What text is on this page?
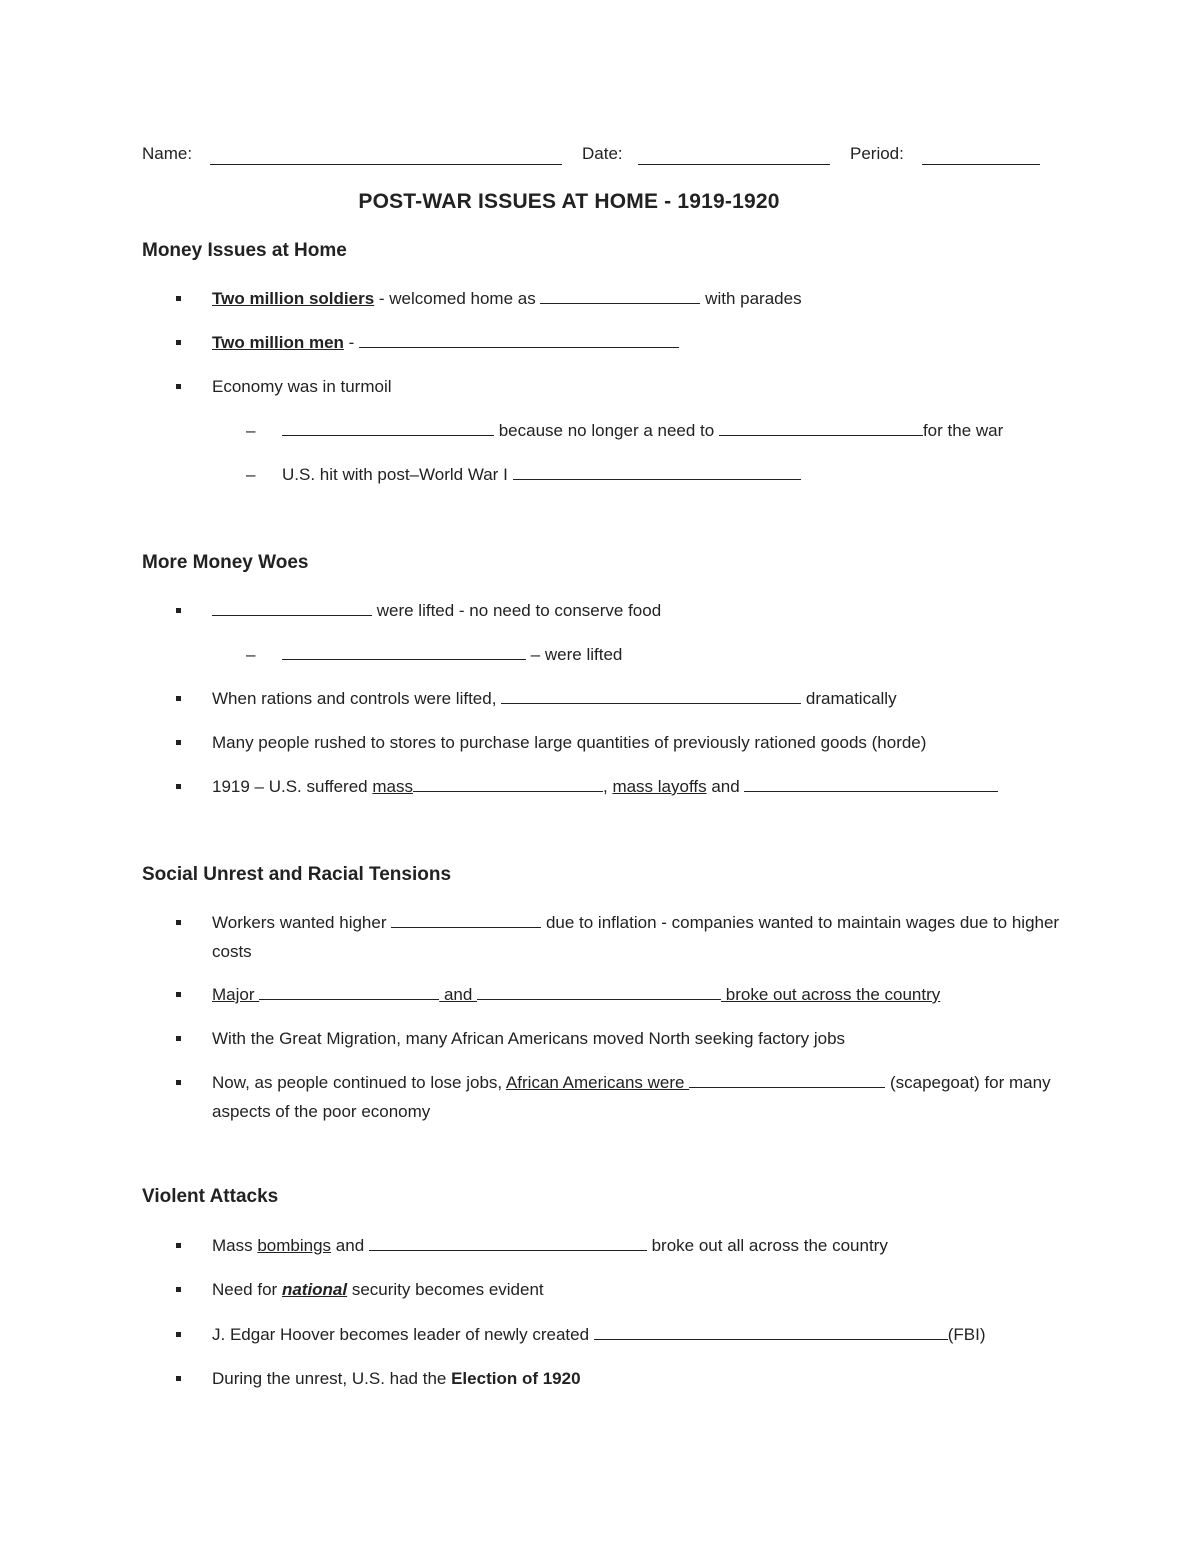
Name:	Date:	Period:
POST-WAR ISSUES AT HOME - 1919-1920
Money Issues at Home
Two million soldiers - welcomed home as	with parades
Two million men -
Economy was in turmoil
–	because no longer a need to	for the war
– U.S. hit with post–World War I
More Money Woes
were lifted - no need to conserve food
–	– were lifted
When rations and controls were lifted,	dramatically
Many people rushed to stores to purchase large quantities of previously rationed goods (horde)
1919 – U.S. suffered mass	, mass layoffs and
Social Unrest and Racial Tensions
Workers wanted higher	due to inflation - companies wanted to maintain wages due to higher costs
Major	and	broke out across the country
With the Great Migration, many African Americans moved North seeking factory jobs
Now, as people continued to lose jobs, African Americans were	(scapegoat) for many aspects of the poor economy
Violent Attacks
Mass bombings and	broke out all across the country
Need for national security becomes evident
J. Edgar Hoover becomes leader of newly created	(FBI)
During the unrest, U.S. had the Election of 1920
